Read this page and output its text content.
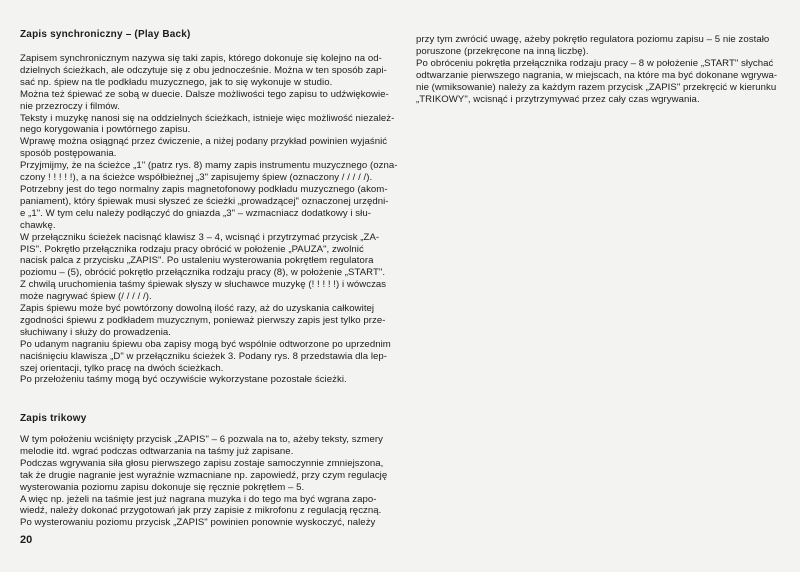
Zapis synchroniczny – (Play Back)
Zapisem synchronicznym nazywa się taki zapis, którego dokonuje się kolejno na od-
dzielnych ścieżkach, ale odczytuje się z obu jednocześnie. Można w ten sposób zapi-
sać np. śpiew na tle podkładu muzycznego, jak to się wykonuje w studio.
Można też śpiewać ze sobą w duecie. Dalsze możliwości tego zapisu to udźwiękowie-
nie przezroczy i filmów.
Teksty i muzykę nanosi się na oddzielnych ścieżkach, istnieje więc możliwość niezależ-
nego korygowania i powtórnego zapisu.
Wprawę można osiągnąć przez ćwiczenie, a niżej podany przykład powinien wyjaśnić
sposób postępowania.
Przyjmijmy, że na ścieżce „1" (patrz rys. 8) mamy zapis instrumentu muzycznego (ozna-
czony ! ! ! ! !), a na ścieżce współbieżnej „3" zapisujemy śpiew (oznaczony / / / / /).
Potrzebny jest do tego normalny zapis magnetofonowy podkładu muzycznego (akom-
paniament), który śpiewak musi słyszeć ze ścieżki „prowadzącej" oznaczonej urzędni-
e „1". W tym celu należy podłączyć do gniazda „3" – wzmacniacz dodatkowy i słu-
chawkę.
W przełączniku ścieżek nacisnąć klawisz 3 – 4, wcisnąć i przytrzymać przycisk „ZA-
PIS". Pokrętło przełącznika rodzaju pracy obrócić w położenie „PAUZA", zwolnić
nacisk palca z przycisku „ZAPIS". Po ustaleniu wysterowania pokrętłem regulatora
poziomu – (5), obrócić pokrętło przełącznika rodzaju pracy (8), w położenie „START".
Z chwilą uruchomienia taśmy śpiewak słyszy w słuchawce muzykę (! ! ! ! !) i wówczas
może nagrywać śpiew (/ / / / /).
Zapis śpiewu może być powtórzony dowolną ilość razy, aż do uzyskania całkowitej
zgodności śpiewu z podkładem muzycznym, ponieważ pierwszy zapis jest tylko prze-
słuchiwany i służy do prowadzenia.
Po udanym nagraniu śpiewu oba zapisy mogą być wspólnie odtworzone po uprzednim
naciśnięciu klawisza „D" w przełączniku ścieżek 3. Podany rys. 8 przedstawia dla lep-
szej orientacji, tylko pracę na dwóch ścieżkach.
Po przełożeniu taśmy mogą być oczywiście wykorzystane pozostałe ścieżki.
Zapis trikowy
W tym położeniu wciśnięty przycisk „ZAPIS" – 6 pozwala na to, ażeby teksty, szmery
melodie itd. wgrać podczas odtwarzania na taśmy już zapisane.
Podczas wgrywania siła głosu pierwszego zapisu zostaje samoczynnie zmniejszona,
tak że drugie nagranie jest wyraźnie wzmacniane np. zapowiedź, przy czym regulację
wysterowania poziomu zapisu dokonuje się ręcznie pokrętłem – 5.
A więc np. jeżeli na taśmie jest już nagrana muzyka i do tego ma być wgrana zapo-
wiedź, należy dokonać przygotowań jak przy zapisie z mikrofonu z regulacją ręczną.
Po wysterowaniu poziomu przycisk „ZAPIS" powinien ponownie wyskoczyć, należy
20
przy tym zwrócić uwagę, ażeby pokrętło regulatora poziomu zapisu – 5 nie zostało
poruszone (przekręcone na inną liczbę).
Po obróceniu pokrętła przełącznika rodzaju pracy – 8 w położenie „START" słychać
odtwarzanie pierwszego nagrania, w miejscach, na które ma być dokonane wgrywa-
nie (wmiksowanie) należy za każdym razem przycisk „ZAPIS" przekręcić w kierunku
„TRIKOWY", wcisnąć i przytrzymywać przez cały czas wgrywania.
